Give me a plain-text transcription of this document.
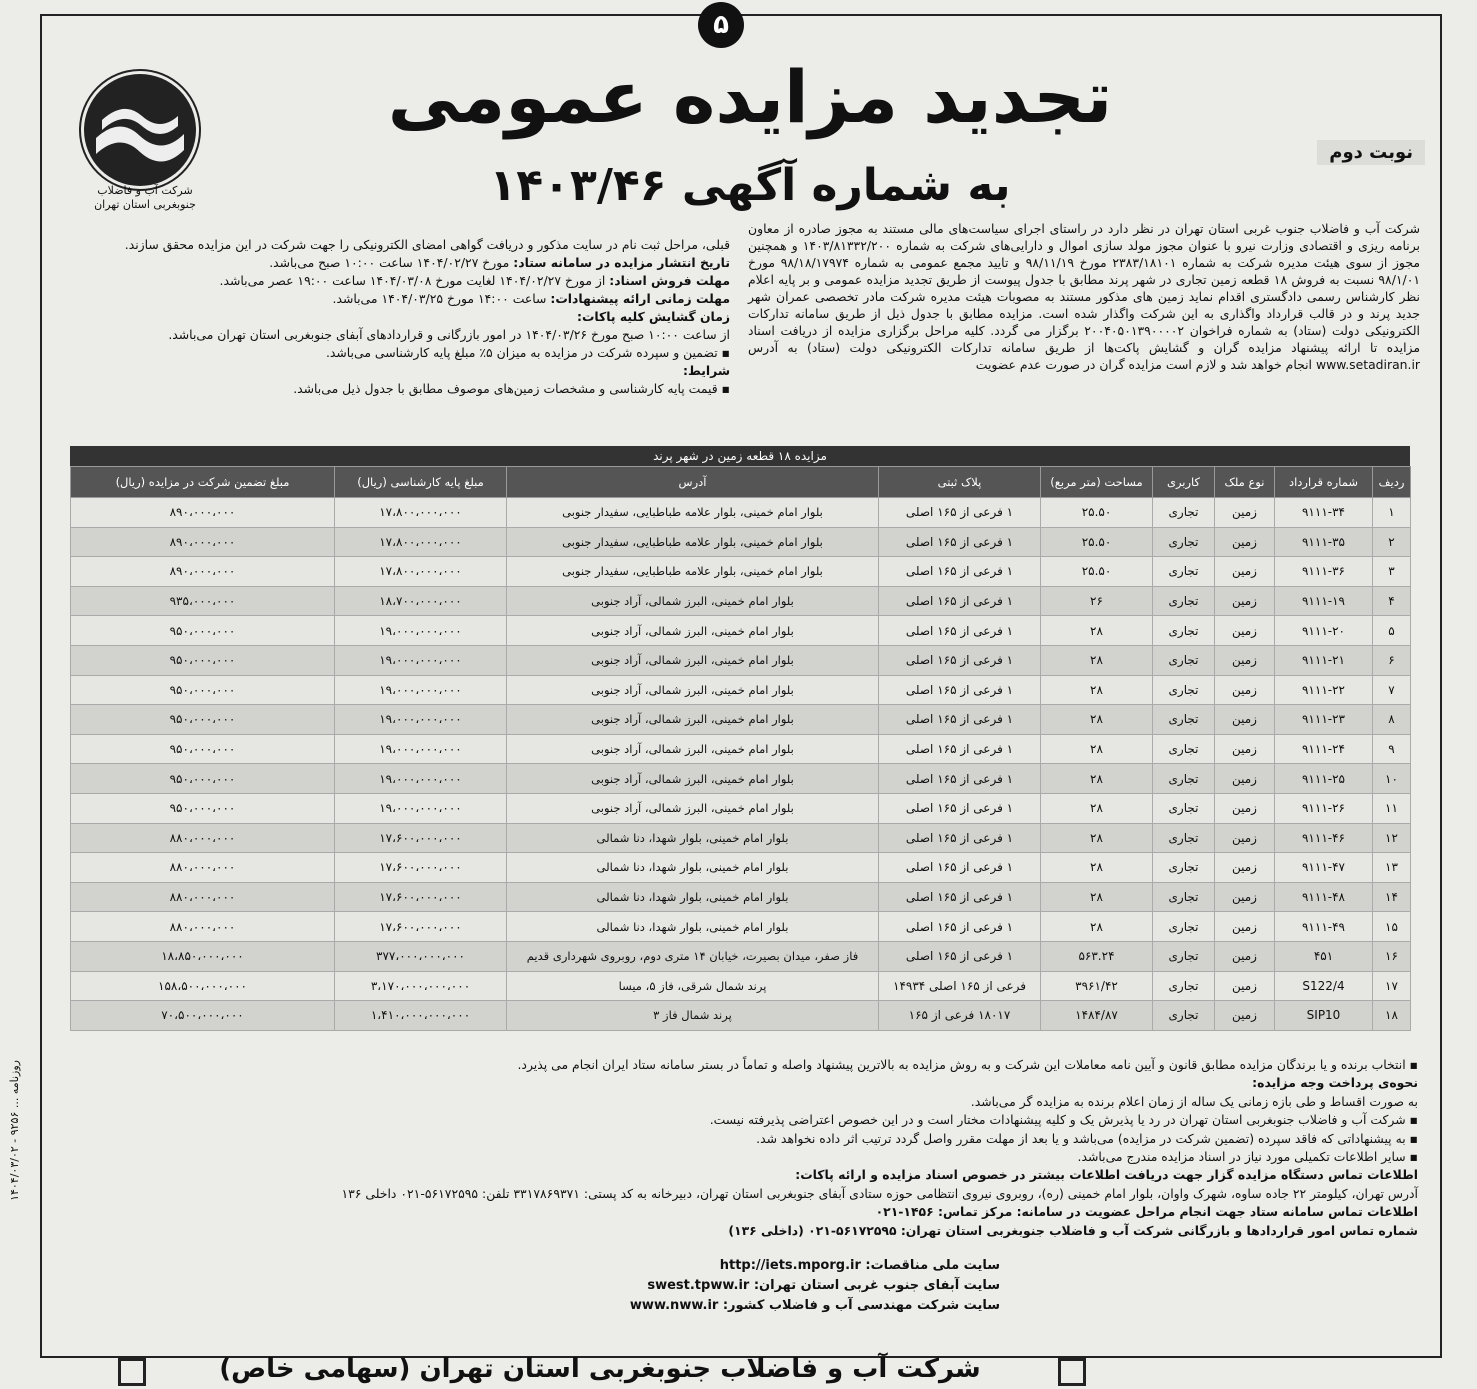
۵
شرکت آب و فاضلاب
جنوبغربی استان تهران
تجدید مزایده عمومی
به شماره آگهی ۱۴۰۳/۴۶
نوبت دوم
شرکت آب و فاضلاب جنوب غربی استان تهران در نظر دارد در راستای اجرای سیاست‌های مالی مستند به مجوز صادره از معاون برنامه ریزی و اقتصادی وزارت نیرو با عنوان مجوز مولد سازی اموال و دارایی‌های شرکت به شماره ۱۴۰۳/۸۱۳۳۲/۲۰۰ و همچنین مجوز از سوی هیئت مدیره شرکت به شماره ۲۳۸۳/۱۸۱۰۱ مورخ ۹۸/۱۱/۱۹ و تایید مجمع عمومی به شماره ۹۸/۱۸/۱۷۹۷۴ مورخ ۹۸/۱/۰۱ نسبت به فروش ۱۸ قطعه زمین تجاری در شهر پرند مطابق با جدول پیوست از طریق تجدید مزایده عمومی و بر پایه اعلام نظر کارشناس رسمی دادگستری اقدام نماید زمین های مذکور مستند به مصوبات هیئت مدیره شرکت مادر تخصصی عمران شهر جدید پرند و در قالب قرارداد واگذاری به این شرکت واگذار شده است. مزایده مطابق با جدول ذیل از طریق سامانه تدارکات الکترونیکی دولت (ستاد) به شماره فراخوان ۲۰۰۴۰۵۰۱۳۹۰۰۰۰۲ برگزار می گردد. کلیه مراحل برگزاری مزایده از دریافت اسناد مزایده تا ارائه پیشنهاد مزایده گران و گشایش پاکت‌ها از طریق سامانه تدارکات الکترونیکی دولت (ستاد) به آدرس www.setadiran.ir انجام خواهد شد و لازم است مزایده گران در صورت عدم عضویت

قبلی، مراحل ثبت نام در سایت مذکور و دریافت گواهی امضای الکترونیکی را جهت شرکت در این مزایده محقق سازند.

تاریخ انتشار مزایده در سامانه ستاد: مورخ ۱۴۰۴/۰۲/۲۷ ساعت ۱۰:۰۰ صبح می‌باشد.

مهلت فروش اسناد: از مورخ ۱۴۰۴/۰۲/۲۷ لغایت مورخ ۱۴۰۴/۰۳/۰۸ ساعت ۱۹:۰۰ عصر می‌باشد.

مهلت زمانی ارائه پیشنهادات: ساعت ۱۴:۰۰ مورخ ۱۴۰۴/۰۳/۲۵ می‌باشد.

زمان گشایش کلیه پاکات:

از ساعت ۱۰:۰۰ صبح مورخ ۱۴۰۴/۰۳/۲۶ در امور بازرگانی و قراردادهای آبفای جنوبغربی استان تهران می‌باشد.

▪ تضمین و سپرده شرکت در مزایده به میزان ۵٪ مبلغ پایه کارشناسی می‌باشد.

شرایط:

▪ قیمت پایه کارشناسی و مشخصات زمین‌های موصوف مطابق با جدول ذیل می‌باشد.

مزایده ۱۸ قطعه زمین در شهر پرند
ردیف	شماره قرارداد	نوع ملک	کاربری	مساحت (متر مربع)	پلاک ثبتی	آدرس	مبلغ پایه کارشناسی (ریال)	مبلغ تضمین شرکت در مزایده (ریال)
۱	۹۱۱۱-۳۴	زمین	تجاری	۲۵.۵۰	۱ فرعی از ۱۶۵ اصلی	بلوار امام خمینی، بلوار علامه طباطبایی، سفیدار جنوبی	۱۷،۸۰۰،۰۰۰،۰۰۰	۸۹۰،۰۰۰،۰۰۰
۲	۹۱۱۱-۳۵	زمین	تجاری	۲۵.۵۰	۱ فرعی از ۱۶۵ اصلی	بلوار امام خمینی، بلوار علامه طباطبایی، سفیدار جنوبی	۱۷،۸۰۰،۰۰۰،۰۰۰	۸۹۰،۰۰۰،۰۰۰
۳	۹۱۱۱-۳۶	زمین	تجاری	۲۵.۵۰	۱ فرعی از ۱۶۵ اصلی	بلوار امام خمینی، بلوار علامه طباطبایی، سفیدار جنوبی	۱۷،۸۰۰،۰۰۰،۰۰۰	۸۹۰،۰۰۰،۰۰۰
۴	۹۱۱۱-۱۹	زمین	تجاری	۲۶	۱ فرعی از ۱۶۵ اصلی	بلوار امام خمینی، البرز شمالی، آراد جنوبی	۱۸،۷۰۰،۰۰۰،۰۰۰	۹۳۵،۰۰۰،۰۰۰
۵	۹۱۱۱-۲۰	زمین	تجاری	۲۸	۱ فرعی از ۱۶۵ اصلی	بلوار امام خمینی، البرز شمالی، آراد جنوبی	۱۹،۰۰۰،۰۰۰،۰۰۰	۹۵۰،۰۰۰،۰۰۰
۶	۹۱۱۱-۲۱	زمین	تجاری	۲۸	۱ فرعی از ۱۶۵ اصلی	بلوار امام خمینی، البرز شمالی، آراد جنوبی	۱۹،۰۰۰،۰۰۰،۰۰۰	۹۵۰،۰۰۰،۰۰۰
۷	۹۱۱۱-۲۲	زمین	تجاری	۲۸	۱ فرعی از ۱۶۵ اصلی	بلوار امام خمینی، البرز شمالی، آراد جنوبی	۱۹،۰۰۰،۰۰۰،۰۰۰	۹۵۰،۰۰۰،۰۰۰
۸	۹۱۱۱-۲۳	زمین	تجاری	۲۸	۱ فرعی از ۱۶۵ اصلی	بلوار امام خمینی، البرز شمالی، آراد جنوبی	۱۹،۰۰۰،۰۰۰،۰۰۰	۹۵۰،۰۰۰،۰۰۰
۹	۹۱۱۱-۲۴	زمین	تجاری	۲۸	۱ فرعی از ۱۶۵ اصلی	بلوار امام خمینی، البرز شمالی، آراد جنوبی	۱۹،۰۰۰،۰۰۰،۰۰۰	۹۵۰،۰۰۰،۰۰۰
۱۰	۹۱۱۱-۲۵	زمین	تجاری	۲۸	۱ فرعی از ۱۶۵ اصلی	بلوار امام خمینی، البرز شمالی، آراد جنوبی	۱۹،۰۰۰،۰۰۰،۰۰۰	۹۵۰،۰۰۰،۰۰۰
۱۱	۹۱۱۱-۲۶	زمین	تجاری	۲۸	۱ فرعی از ۱۶۵ اصلی	بلوار امام خمینی، البرز شمالی، آراد جنوبی	۱۹،۰۰۰،۰۰۰،۰۰۰	۹۵۰،۰۰۰،۰۰۰
۱۲	۹۱۱۱-۴۶	زمین	تجاری	۲۸	۱ فرعی از ۱۶۵ اصلی	بلوار امام خمینی، بلوار شهدا، دنا شمالی	۱۷،۶۰۰،۰۰۰،۰۰۰	۸۸۰،۰۰۰،۰۰۰
۱۳	۹۱۱۱-۴۷	زمین	تجاری	۲۸	۱ فرعی از ۱۶۵ اصلی	بلوار امام خمینی، بلوار شهدا، دنا شمالی	۱۷،۶۰۰،۰۰۰،۰۰۰	۸۸۰،۰۰۰،۰۰۰
۱۴	۹۱۱۱-۴۸	زمین	تجاری	۲۸	۱ فرعی از ۱۶۵ اصلی	بلوار امام خمینی، بلوار شهدا، دنا شمالی	۱۷،۶۰۰،۰۰۰،۰۰۰	۸۸۰،۰۰۰،۰۰۰
۱۵	۹۱۱۱-۴۹	زمین	تجاری	۲۸	۱ فرعی از ۱۶۵ اصلی	بلوار امام خمینی، بلوار شهدا، دنا شمالی	۱۷،۶۰۰،۰۰۰،۰۰۰	۸۸۰،۰۰۰،۰۰۰
۱۶	۴۵۱	زمین	تجاری	۵۶۳.۲۴	۱ فرعی از ۱۶۵ اصلی	فاز صفر، میدان بصیرت، خیابان ۱۴ متری دوم، روبروی شهرداری قدیم	۳۷۷،۰۰۰،۰۰۰،۰۰۰	۱۸،۸۵۰،۰۰۰،۰۰۰
۱۷	S122/4	زمین	تجاری	۳۹۶۱/۴۲	فرعی از ۱۶۵ اصلی ۱۴۹۳۴	پرند شمال شرقی، فاز ۵، میسا	۳،۱۷۰،۰۰۰،۰۰۰،۰۰۰	۱۵۸،۵۰۰،۰۰۰،۰۰۰
۱۸	SIP10	زمین	تجاری	۱۴۸۴/۸۷	۱۸۰۱۷ فرعی از ۱۶۵	پرند شمال فاز ۳	۱،۴۱۰،۰۰۰،۰۰۰،۰۰۰	۷۰،۵۰۰،۰۰۰،۰۰۰

▪ انتخاب برنده و یا برندگان مزایده مطابق قانون و آیین نامه معاملات این شرکت و به روش مزایده به بالاترین پیشنهاد واصله و تماماً در بستر سامانه ستاد ایران انجام می پذیرد.

نحوه‌ی پرداخت وجه مزایده:

به صورت اقساط و طی بازه زمانی یک ساله از زمان اعلام برنده به مزایده گر می‌باشد.

▪ شرکت آب و فاضلاب جنوبغربی استان تهران در رد یا پذیرش یک و کلیه پیشنهادات مختار است و در این خصوص اعتراضی پذیرفته نیست.

▪ به پیشنهاداتی که فاقد سپرده (تضمین شرکت در مزایده) می‌باشد و یا بعد از مهلت مقرر واصل گردد ترتیب اثر داده نخواهد شد.

▪ سایر اطلاعات تکمیلی مورد نیاز در اسناد مزایده مندرج می‌باشد.

اطلاعات تماس دستگاه مزایده گزار جهت دریافت اطلاعات بیشتر در خصوص اسناد مزایده و ارائه پاکات:

آدرس تهران، کیلومتر ۲۲ جاده ساوه، شهرک واوان، بلوار امام خمینی (ره)، روبروی نیروی انتظامی حوزه ستادی آبفای جنوبغربی استان تهران، دبیرخانه به کد پستی: ۳۳۱۷۸۶۹۳۷۱ تلفن: ۵۶۱۷۲۵۹۵-۰۲۱ داخلی ۱۳۶

اطلاعات تماس سامانه ستاد جهت انجام مراحل عضویت در سامانه: مرکز تماس: ۱۴۵۶-۰۲۱

شماره تماس امور قراردادها و بازرگانی شرکت آب و فاضلاب جنوبغربی استان تهران: ۵۶۱۷۲۵۹۵-۰۲۱ (داخلی ۱۳۶)

سایت ملی مناقصات: http://iets.mporg.ir

سایت آبفای جنوب غربی استان تهران: swest.tpww.ir

سایت شرکت مهندسی آب و فاضلاب کشور: www.nww.ir

شرکت آب و فاضلاب جنوبغربی استان تهران (سهامی خاص)
روزنامه ... ۹۲۵۶ - ۱۴۰۴/۰۳/۰۲
